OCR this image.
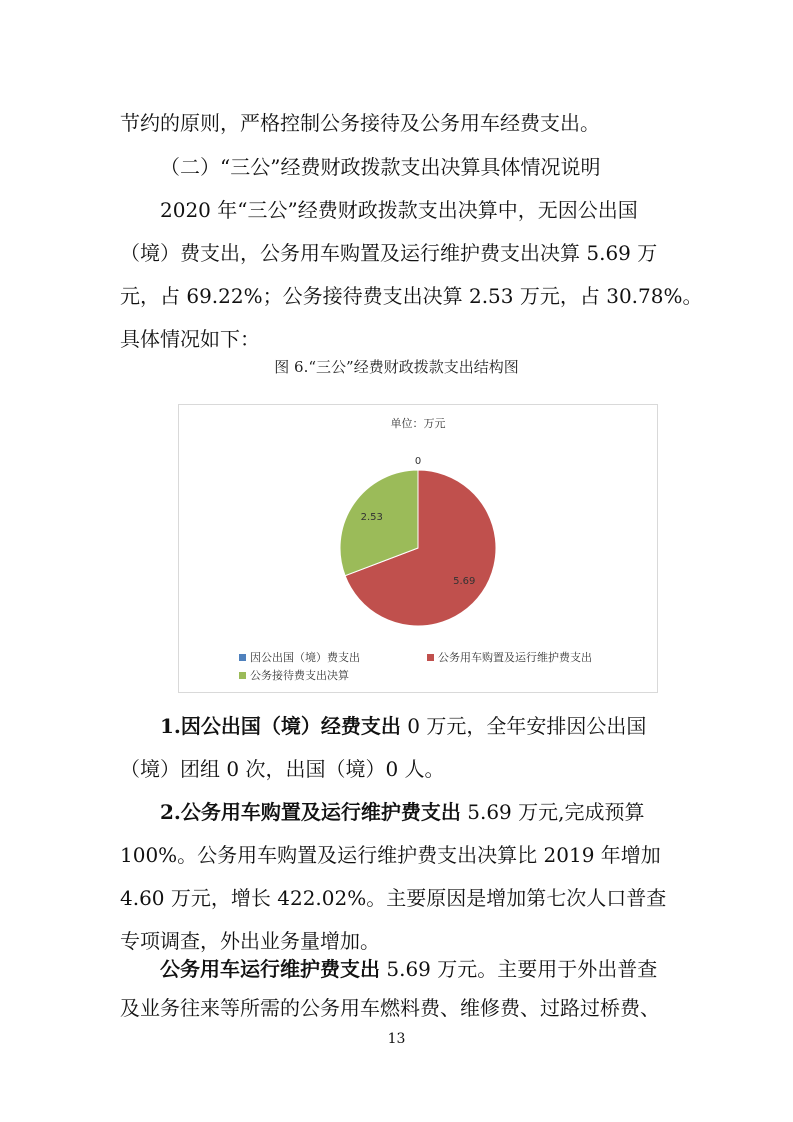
节约的原则，严格控制公务接待及公务用车经费支出。
（二）“三公”经费财政拨款支出决算具体情况说明
2020 年“三公”经费财政拨款支出决算中，无因公出国
（境）费支出，公务用车购置及运行维护费支出决算 5.69 万
元，占 69.22%；公务接待费支出决算 2.53 万元，占 30.78%。
具体情况如下：
图 6.“三公”经费财政拨款支出结构图
单位：万元
0
5.69
2.53
因公出国（境）费支出	公务用车购置及运行维护费支出
公务接待费支出决算
1.因公出国（境）经费支出 0 万元，全年安排因公出国
（境）团组 0 次，出国（境）0 人。
2.公务用车购置及运行维护费支出 5.69 万元,完成预算
100%。公务用车购置及运行维护费支出决算比 2019 年增加
4.60 万元，增长 422.02%。主要原因是增加第七次人口普查
专项调查，外出业务量增加。
公务用车运行维护费支出 5.69 万元。主要用于外出普查
及业务往来等所需的公务用车燃料费、维修费、过路过桥费、
13
